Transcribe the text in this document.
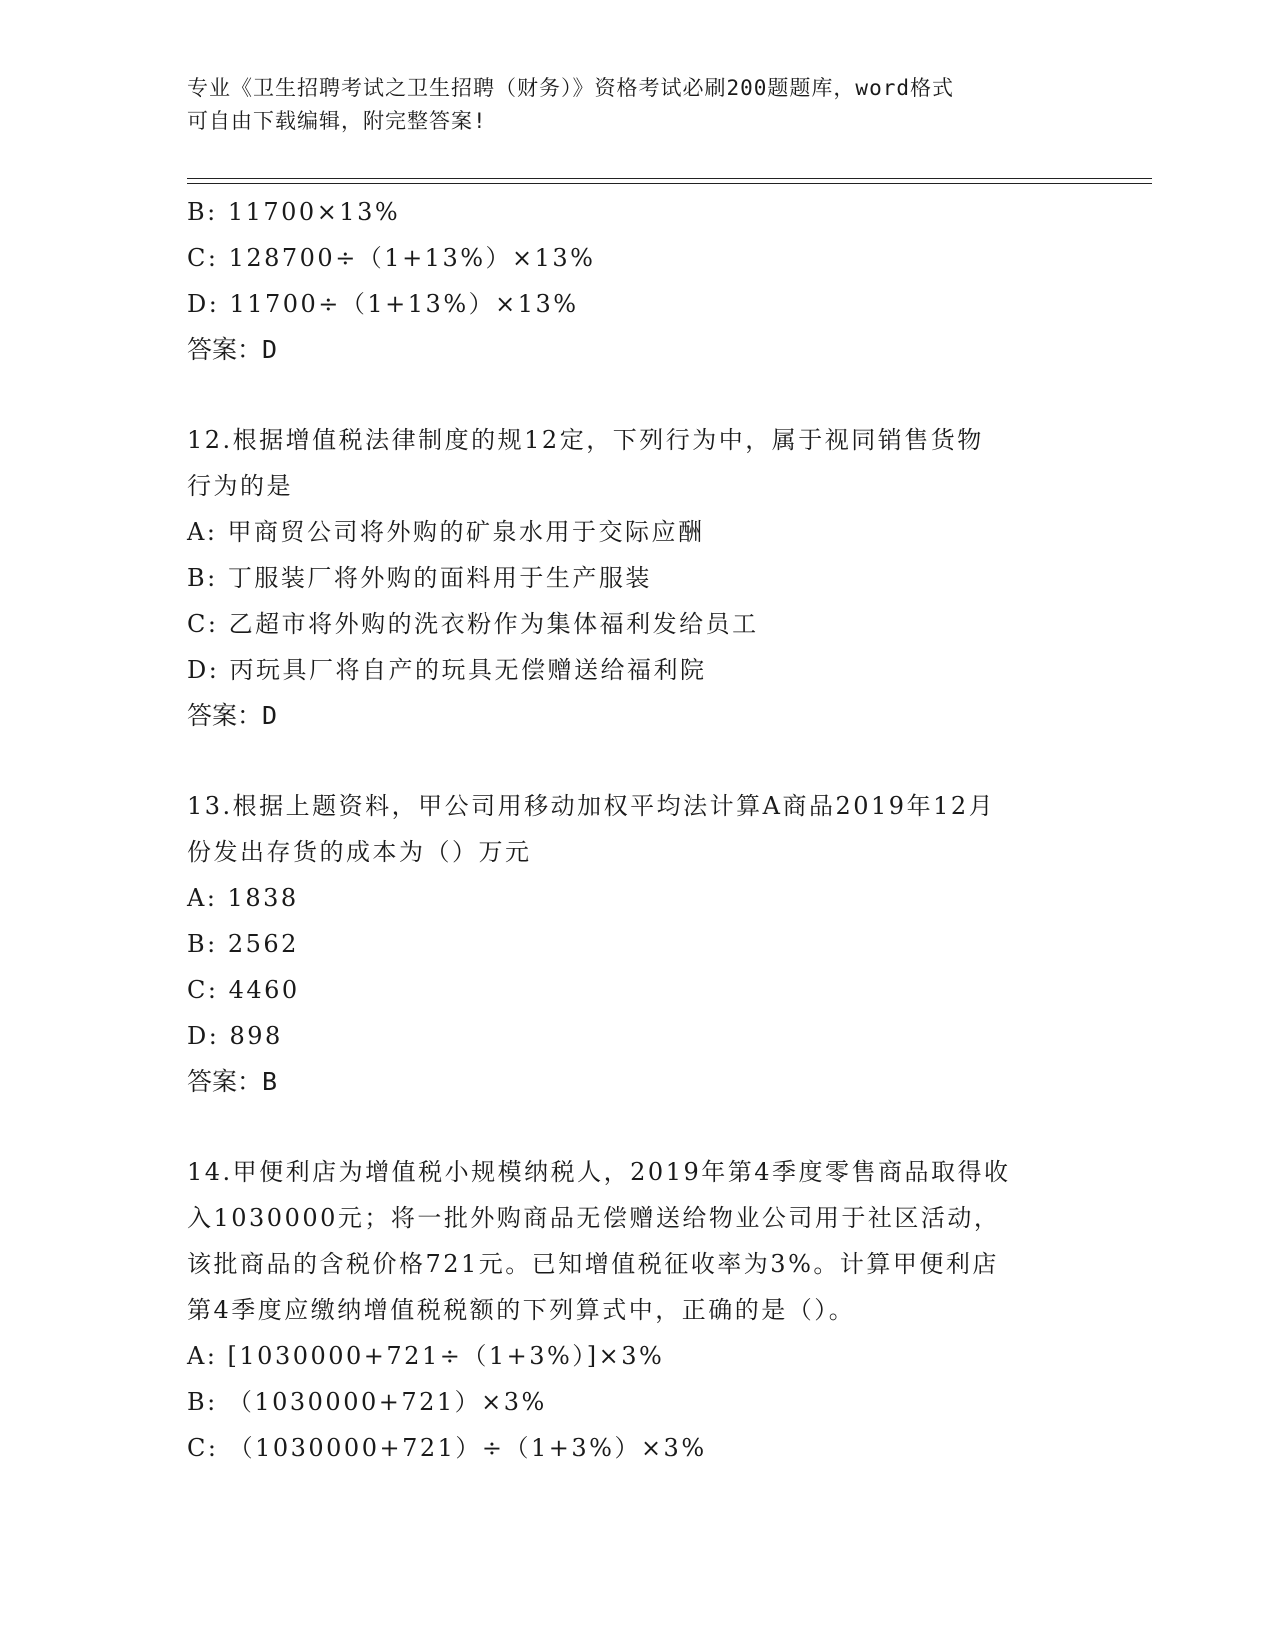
专业《卫生招聘考试之卫生招聘（财务）》资格考试必刷200题题库，word格式
可自由下载编辑，附完整答案!
B: 11700×13%
C: 128700÷（1+13%）×13%
D: 11700÷（1+13%）×13%
答案：D
12.根据增值税法律制度的规12定，下列行为中，属于视同销售货物
行为的是
A: 甲商贸公司将外购的矿泉水用于交际应酬
B: 丁服装厂将外购的面料用于生产服装
C: 乙超市将外购的洗衣粉作为集体福利发给员工
D: 丙玩具厂将自产的玩具无偿赠送给福利院
答案：D
13.根据上题资料，甲公司用移动加权平均法计算A商品2019年12月
份发出存货的成本为（）万元
A: 1838
B: 2562
C: 4460
D: 898
答案：B
14.甲便利店为增值税小规模纳税人，2019年第4季度零售商品取得收
入1030000元；将一批外购商品无偿赠送给物业公司用于社区活动，
该批商品的含税价格721元。已知增值税征收率为3%。计算甲便利店
第4季度应缴纳增值税税额的下列算式中，正确的是（）。
A: [1030000+721÷（1+3%）]×3%
B: （1030000+721）×3%
C: （1030000+721）÷（1+3%）×3%
